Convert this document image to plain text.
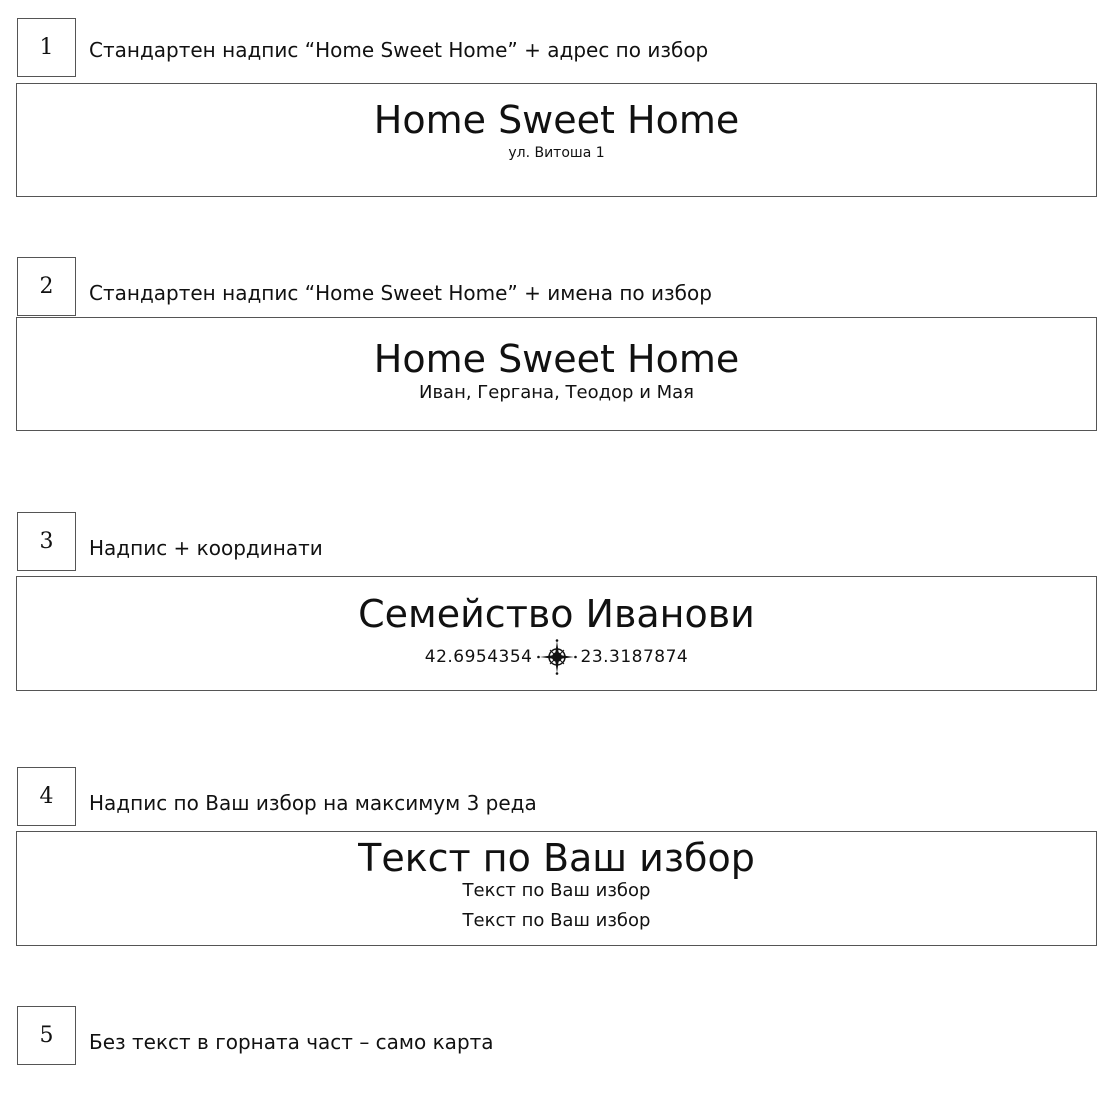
1 Стандартен надпис “Home Sweet Home” + адрес по избор
Home Sweet Home
ул. Витоша 1
2 Стандартен надпис “Home Sweet Home” + имена по избор
Home Sweet Home
Иван, Гергана, Теодор и Мая
3 Надпис + координати
Семейство Иванови
42.6954354	23.3187874
4 Надпис по Ваш избор на максимум 3 реда
Текст по Ваш избор
Текст по Ваш избор
Текст по Ваш избор
5 Без текст в горната част – само карта
